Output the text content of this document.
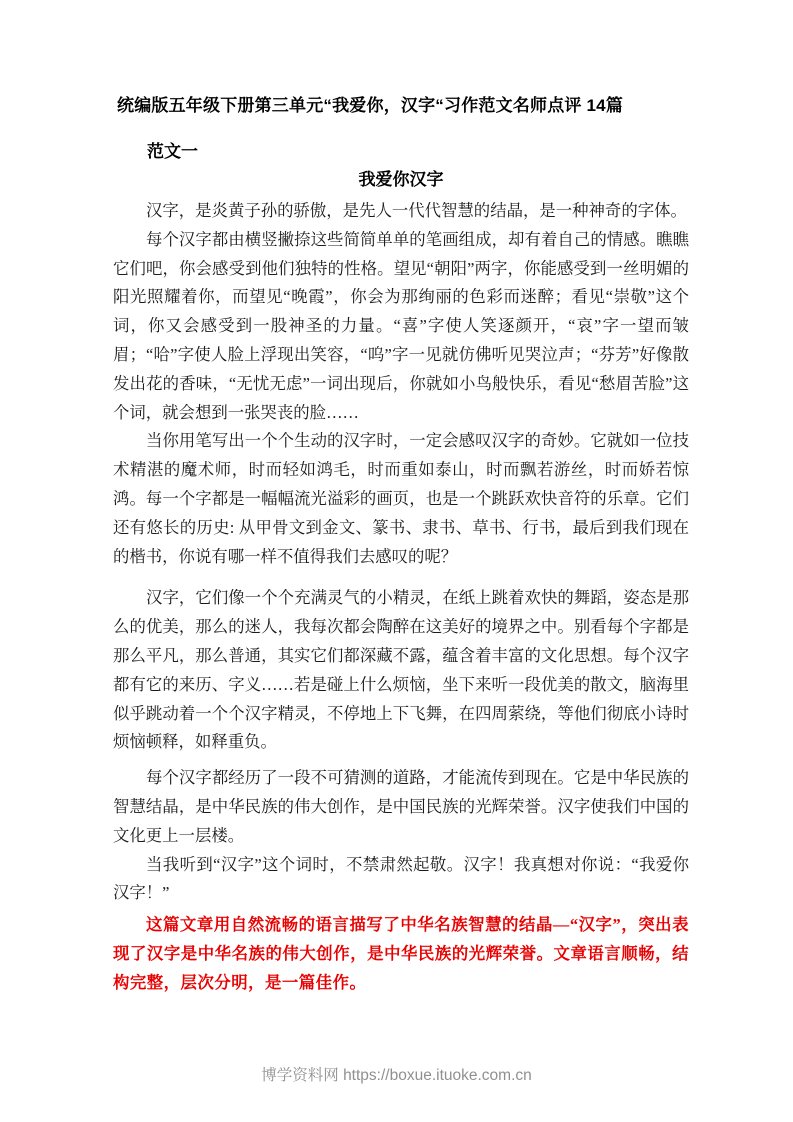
统编版五年级下册第三单元“我爱你，汉字“习作范文名师点评 14篇
范文一
我爱你汉字

汉字，是炎黄子孙的骄傲，是先人一代代智慧的结晶，是一种神奇的字体。

每个汉字都由横竖撇捺这些简简单单的笔画组成，却有着自己的情感。瞧瞧它们吧，你会感受到他们独特的性格。望见“朝阳”两字，你能感受到一丝明媚的阳光照耀着你，而望见“晚霞”，你会为那绚丽的色彩而迷醉；看见“崇敬”这个词，你又会感受到一股神圣的力量。“喜”字使人笑逐颜开，“哀”字一望而皱眉；“哈”字使人脸上浮现出笑容，“呜”字一见就仿佛听见哭泣声；“芬芳”好像散发出花的香味，“无忧无虑”一词出现后，你就如小鸟般快乐，看见“愁眉苦脸”这个词，就会想到一张哭丧的脸……

当你用笔写出一个个生动的汉字时，一定会感叹汉字的奇妙。它就如一位技术精湛的魔术师，时而轻如鸿毛，时而重如泰山，时而飘若游丝，时而娇若惊鸿。每一个字都是一幅幅流光溢彩的画页，也是一个跳跃欢快音符的乐章。它们还有悠长的历史: 从甲骨文到金文、篆书、隶书、草书、行书，最后到我们现在的楷书，你说有哪一样不值得我们去感叹的呢？

汉字，它们像一个个充满灵气的小精灵，在纸上跳着欢快的舞蹈，姿态是那么的优美，那么的迷人，我每次都会陶醉在这美好的境界之中。别看每个字都是那么平凡，那么普通，其实它们都深藏不露，蕴含着丰富的文化思想。每个汉字都有它的来历、字义……若是碰上什么烦恼，坐下来听一段优美的散文，脑海里似乎跳动着一个个汉字精灵，不停地上下飞舞，在四周萦绕，等他们彻底小诗时烦恼顿释，如释重负。

每个汉字都经历了一段不可猜测的道路，才能流传到现在。它是中华民族的智慧结晶，是中华民族的伟大创作，是中国民族的光辉荣誉。汉字使我们中国的文化更上一层楼。

当我听到“汉字”这个词时，不禁肃然起敬。汉字！我真想对你说：“我爱你汉字！”

这篇文章用自然流畅的语言描写了中华名族智慧的结晶—“汉字”，突出表现了汉字是中华名族的伟大创作，是中华民族的光辉荣誉。文章语言顺畅，结构完整，层次分明，是一篇佳作。

博学资料网 https://boxue.ituoke.com.cn
